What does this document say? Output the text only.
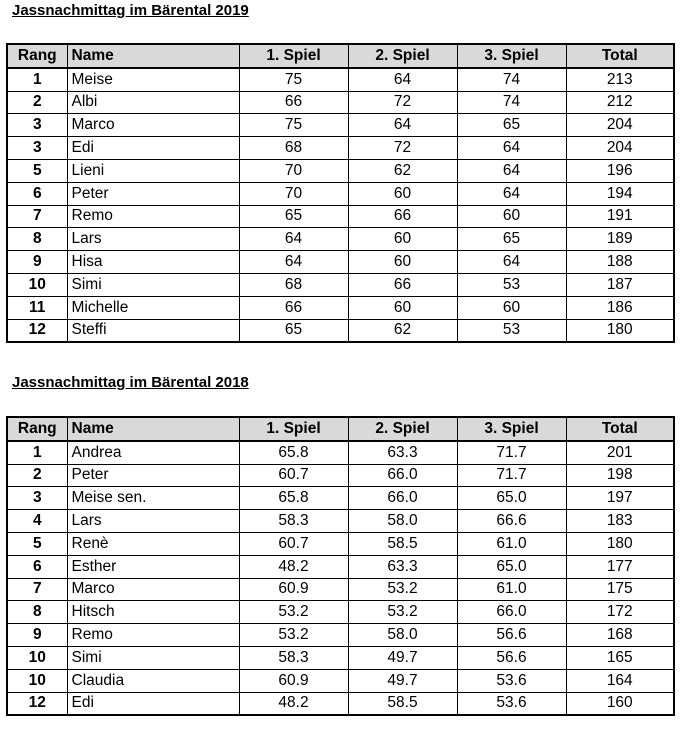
Jassnachmittag im Bärental 2019
Rang	Name	1. Spiel	2. Spiel	3. Spiel	Total
1	Meise	75	64	74	213
2	Albi	66	72	74	212
3	Marco	75	64	65	204
3	Edi	68	72	64	204
5	Lieni	70	62	64	196
6	Peter	70	60	64	194
7	Remo	65	66	60	191
8	Lars	64	60	65	189
9	Hisa	64	60	64	188
10	Simi	68	66	53	187
11	Michelle	66	60	60	186
12	Steffi	65	62	53	180
Jassnachmittag im Bärental 2018
Rang	Name	1. Spiel	2. Spiel	3. Spiel	Total
1	Andrea	65.8	63.3	71.7	201
2	Peter	60.7	66.0	71.7	198
3	Meise sen.	65.8	66.0	65.0	197
4	Lars	58.3	58.0	66.6	183
5	Renè	60.7	58.5	61.0	180
6	Esther	48.2	63.3	65.0	177
7	Marco	60.9	53.2	61.0	175
8	Hitsch	53.2	53.2	66.0	172
9	Remo	53.2	58.0	56.6	168
10	Simi	58.3	49.7	56.6	165
10	Claudia	60.9	49.7	53.6	164
12	Edi	48.2	58.5	53.6	160
